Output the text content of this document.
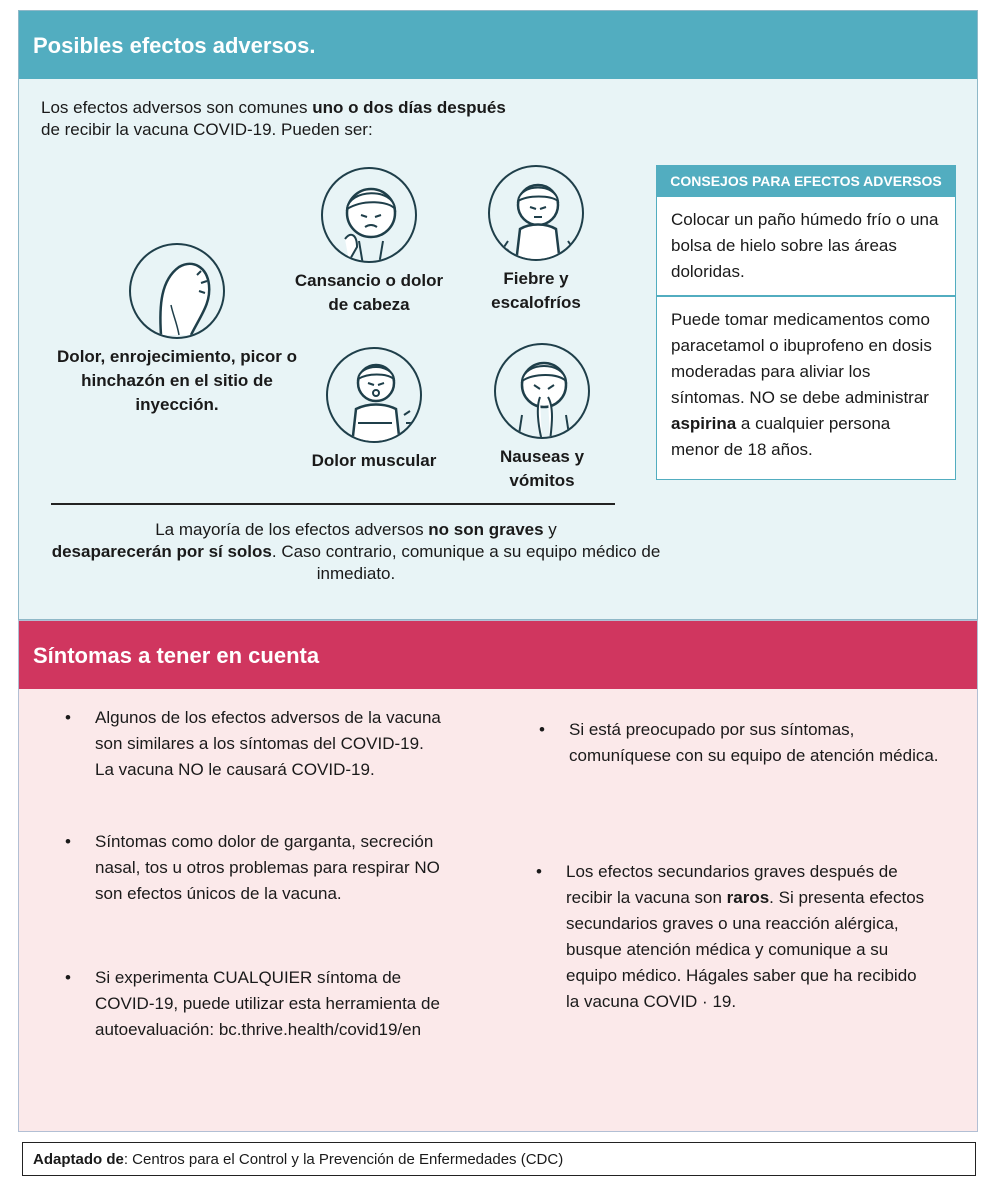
Posibles efectos adversos.
Los efectos adversos son comunes uno o dos días después
de recibir la vacuna COVID-19. Pueden ser:
Dolor, enrojecimiento, picor o hinchazón en el sitio de inyección.
Cansancio o dolor de cabeza
Fiebre y escalofríos
Dolor muscular	Nauseas y vómitos
La mayoría de los efectos adversos no son graves y
desaparecerán por sí solos. Caso contrario, comunique a su equipo médico de inmediato.
CONSEJOS PARA EFECTOS ADVERSOS
Colocar un paño húmedo frío o una bolsa de hielo sobre las áreas doloridas.
Puede tomar medicamentos como paracetamol o ibuprofeno en dosis moderadas para aliviar los síntomas. NO se debe administrar aspirina a cualquier persona menor de 18 años.
Síntomas a tener en cuenta
• Algunos de los efectos adversos de la vacuna son similares a los síntomas del COVID-19. La vacuna NO le causará COVID-19.
• Síntomas como dolor de garganta, secreción nasal, tos u otros problemas para respirar NO son efectos únicos de la vacuna.
• Si experimenta CUALQUIER síntoma de COVID-19, puede utilizar esta herramienta de autoevaluación: bc.thrive.health/covid19/en
• Si está preocupado por sus síntomas, comuníquese con su equipo de atención médica.
• Los efectos secundarios graves después de recibir la vacuna son raros. Si presenta efectos secundarios graves o una reacción alérgica, busque atención médica y comunique a su equipo médico. Hágales saber que ha recibido la vacuna COVID · 19.
Adaptado de: Centros para el Control y la Prevención de Enfermedades (CDC)
